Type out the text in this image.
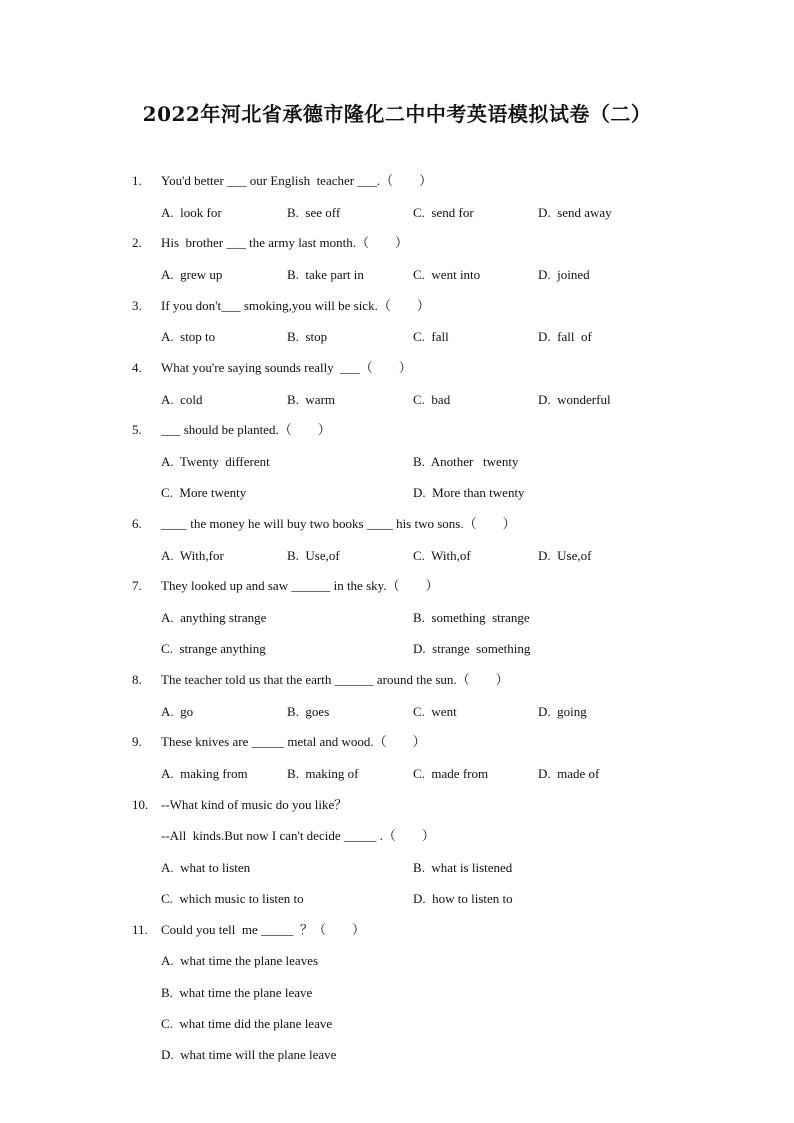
2022年河北省承德市隆化二中中考英语模拟试卷（二）
1. You'd better ___ our English  teacher ___.（        ）
A.  look for	B.  see off	C.  send for	D.  send away
2. His  brother ___ the army last month.（        ）
A.  grew up	B.  take part in	C.  went into	D.  joined
3. If you don't___ smoking,you will be sick.（        ）
A.  stop to	B.  stop	C.  fall	D.  fall  of
4. What you're saying sounds really  ___（        ）
A.  cold	B.  warm	C.  bad	D.  wonderful
5. ___ should be planted.（        ）
A.  Twenty  different	B.  Another   twenty
C.  More twenty	D.  More than twenty
6. ____ the money he will buy two books ____ his two sons.（        ）
A.  With,for	B.  Use,of	C.  With,of	D.  Use,of
7. They looked up and saw ______ in the sky.（        ）
A.  anything strange	B.  something  strange
C.  strange anything	D.  strange  something
8. The teacher told us that the earth ______ around the sun.（        ）
A.  go	B.  goes	C.  went	D.  going
9. These knives are _____ metal and wood.（        ）
A.  making from	B.  making of	C.  made from	D.  made of
10. --What kind of music do you like？
--All  kinds.But now I can't decide _____ .（        ）
A.  what to listen	B.  what is listened
C.  which music to listen to	D.  how to listen to
11. Could you tell  me _____  ？（        ）
A.  what time the plane leaves
B.  what time the plane leave
C.  what time did the plane leave
D.  what time will the plane leave
